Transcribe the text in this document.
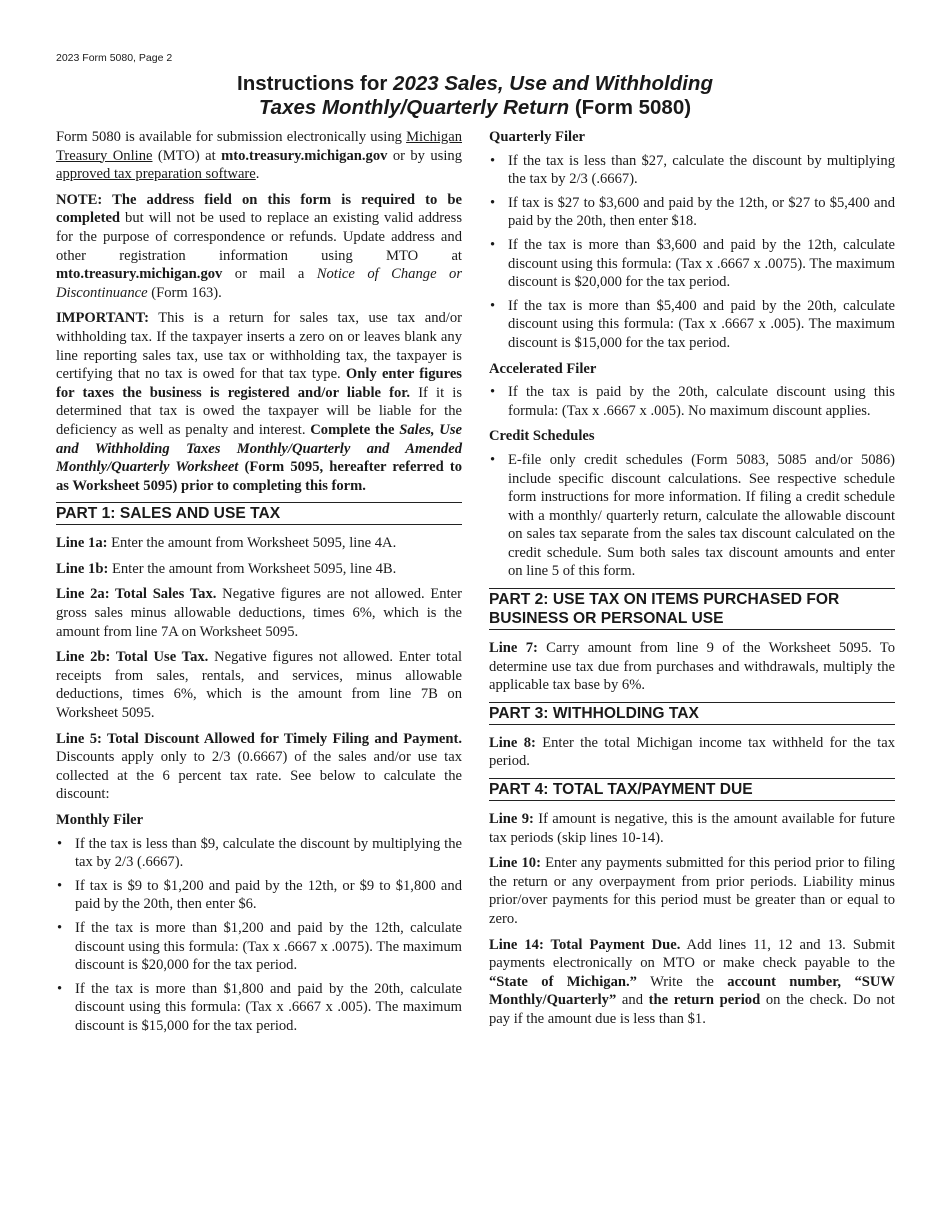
2023 Form 5080, Page 2
Instructions for 2023 Sales, Use and Withholding
Taxes Monthly/Quarterly Return (Form 5080)

Form 5080 is available for submission electronically using Michigan Treasury Online (MTO) at mto.treasury.michigan.gov or by using approved tax preparation software.

NOTE: The address field on this form is required to be completed but will not be used to replace an existing valid address for the purpose of correspondence or refunds. Update address and other registration information using MTO at mto.treasury.michigan.gov or mail a Notice of Change or Discontinuance (Form 163).

IMPORTANT: This is a return for sales tax, use tax and/or withholding tax. If the taxpayer inserts a zero on or leaves blank any line reporting sales tax, use tax or withholding tax, the taxpayer is certifying that no tax is owed for that tax type. Only enter figures for taxes the business is registered and/or liable for. If it is determined that tax is owed the taxpayer will be liable for the deficiency as well as penalty and interest. Complete the Sales, Use and Withholding Taxes Monthly/Quarterly and Amended Monthly/Quarterly Worksheet (Form 5095, hereafter referred to as Worksheet 5095) prior to completing this form.

PART 1: SALES AND USE TAX

Line 1a: Enter the amount from Worksheet 5095, line 4A.

Line 1b: Enter the amount from Worksheet 5095, line 4B.

Line 2a: Total Sales Tax. Negative figures are not allowed. Enter gross sales minus allowable deductions, times 6%, which is the amount from line 7A on Worksheet 5095.

Line 2b: Total Use Tax. Negative figures not allowed. Enter total receipts from sales, rentals, and services, minus allowable deductions, times 6%, which is the amount from line 7B on Worksheet 5095.

Line 5: Total Discount Allowed for Timely Filing and Payment. Discounts apply only to 2/3 (0.6667) of the sales and/or use tax collected at the 6 percent tax rate. See below to calculate the discount:

Monthly Filer
• If the tax is less than $9, calculate the discount by multiplying the tax by 2/3 (.6667).
• If tax is $9 to $1,200 and paid by the 12th, or $9 to $1,800 and paid by the 20th, then enter $6.
• If the tax is more than $1,200 and paid by the 12th, calculate discount using this formula: (Tax x .6667 x .0075). The maximum discount is $20,000 for the tax period.
• If the tax is more than $1,800 and paid by the 20th, calculate discount using this formula: (Tax x .6667 x .005). The maximum discount is $15,000 for the tax period.
Quarterly Filer
• If the tax is less than $27, calculate the discount by multiplying the tax by 2/3 (.6667).
• If tax is $27 to $3,600 and paid by the 12th, or $27 to $5,400 and paid by the 20th, then enter $18.
• If the tax is more than $3,600 and paid by the 12th, calculate discount using this formula: (Tax x .6667 x .0075). The maximum discount is $20,000 for the tax period.
• If the tax is more than $5,400 and paid by the 20th, calculate discount using this formula: (Tax x .6667 x .005). The maximum discount is $15,000 for the tax period.
Accelerated Filer
• If the tax is paid by the 20th, calculate discount using this formula: (Tax x .6667 x .005). No maximum discount applies.
Credit Schedules
• E-file only credit schedules (Form 5083, 5085 and/or 5086) include specific discount calculations. See respective schedule form instructions for more information. If filing a credit schedule with a monthly/ quarterly return, calculate the allowable discount on sales tax separate from the sales tax discount calculated on the credit schedule. Sum both sales tax discount amounts and enter on line 5 of this form.
PART 2: USE TAX ON ITEMS PURCHASED FOR BUSINESS OR PERSONAL USE

Line 7: Carry amount from line 9 of the Worksheet 5095. To determine use tax due from purchases and withdrawals, multiply the applicable tax base by 6%.

PART 3: WITHHOLDING TAX

Line 8: Enter the total Michigan income tax withheld for the tax period.

PART 4: TOTAL TAX/PAYMENT DUE

Line 9: If amount is negative, this is the amount available for future tax periods (skip lines 10-14).

Line 10: Enter any payments submitted for this period prior to filing the return or any overpayment from prior periods. Liability minus prior/over payments for this period must be greater than or equal to zero.

Line 14: Total Payment Due. Add lines 11, 12 and 13. Submit payments electronically on MTO or make check payable to the “State of Michigan.” Write the account number, “SUW Monthly/Quarterly” and the return period on the check. Do not pay if the amount due is less than $1.
